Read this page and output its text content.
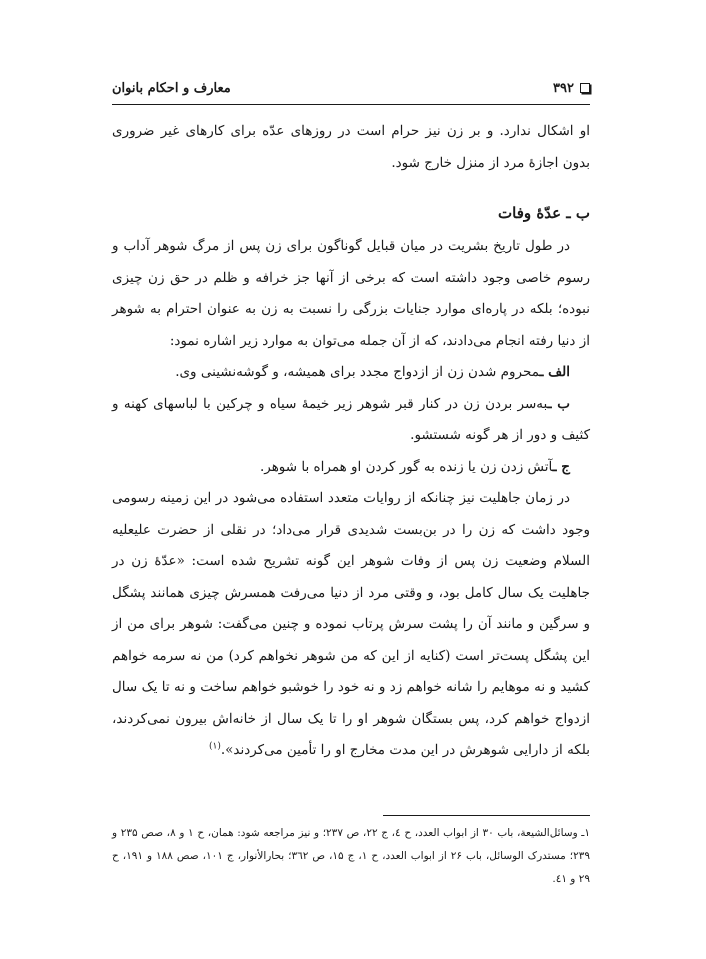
۳۹۲
معارف و احکام بانوان

او اشکال ندارد. و بر زن نیز حرام است در روزهای عدّه برای کارهای غیر ضروری بدون اجازهٔ مرد از منزل خارج شود.

ب ـ عدّهٔ وفات

در طول تاریخ بشریت در میان قبایل گوناگون برای زن پس از مرگ شوهر آداب و رسوم خاصی وجود داشته است که برخی از آنها جز خرافه و ظلم در حق زن چیزی نبوده؛ بلکه در پاره‌ای موارد جنایات بزرگی را نسبت به زن به عنوان احترام به شوهر از دنیا رفته انجام می‌دادند، که از آن جمله می‌توان به موارد زیر اشاره نمود:

الف ـمحروم شدن زن از ازدواج مجدد برای همیشه، و گوشه‌نشینی وی.

ب ـبه‌سر بردن زن در کنار قبر شوهر زیر خیمهٔ سیاه و چرکین با لباسهای کهنه و کثیف و دور از هر گونه شستشو.

ج ـآتش زدن زن یا زنده به گور کردن او همراه با شوهر.

در زمان جاهلیت نیز چنانکه از روایات متعدد استفاده می‌شود در این زمینه رسومی وجود داشت که زن را در بن‌بست شدیدی قرار می‌داد؛ در نقلی از حضرت علیعليه السلام وضعیت زن پس از وفات شوهر این گونه تشریح شده است: «عدّهٔ زن در جاهلیت یک سال کامل بود، و وقتی مرد از دنیا می‌رفت همسرش چیزی همانند پشگل و سرگین و مانند آن را پشت سرش پرتاب نموده و چنین می‌گفت: شوهر برای من از این پشگل پست‌تر است (کنایه از این که من شوهر نخواهم کرد) من نه سرمه خواهم کشید و نه موهایم را شانه خواهم زد و نه خود را خوشبو خواهم ساخت و نه تا یک سال ازدواج خواهم کرد، پس بستگان شوهر او را تا یک سال از خانه‌اش بیرون نمی‌کردند، بلکه از دارایی شوهرش در این مدت مخارج او را تأمین می‌کردند».$^{(۱)}$

۱ـ وسائل‌الشیعة، باب ۳۰ از ابواب العدد، ح ٤، ج ۲۲، ص ۲۳۷؛ و نیز مراجعه شود: همان، ح ۱ و ۸، صص ۲۳۵ و ۲۳۹؛ مستدرک الوسائل، باب ۲۶ از ابواب العدد، ح ۱، ج ۱۵، ص ۳٦۲؛ بحارالأنوار، ج ۱۰۱، صص ۱۸۸ و ۱۹۱، ح ۲۹ و ٤۱.
